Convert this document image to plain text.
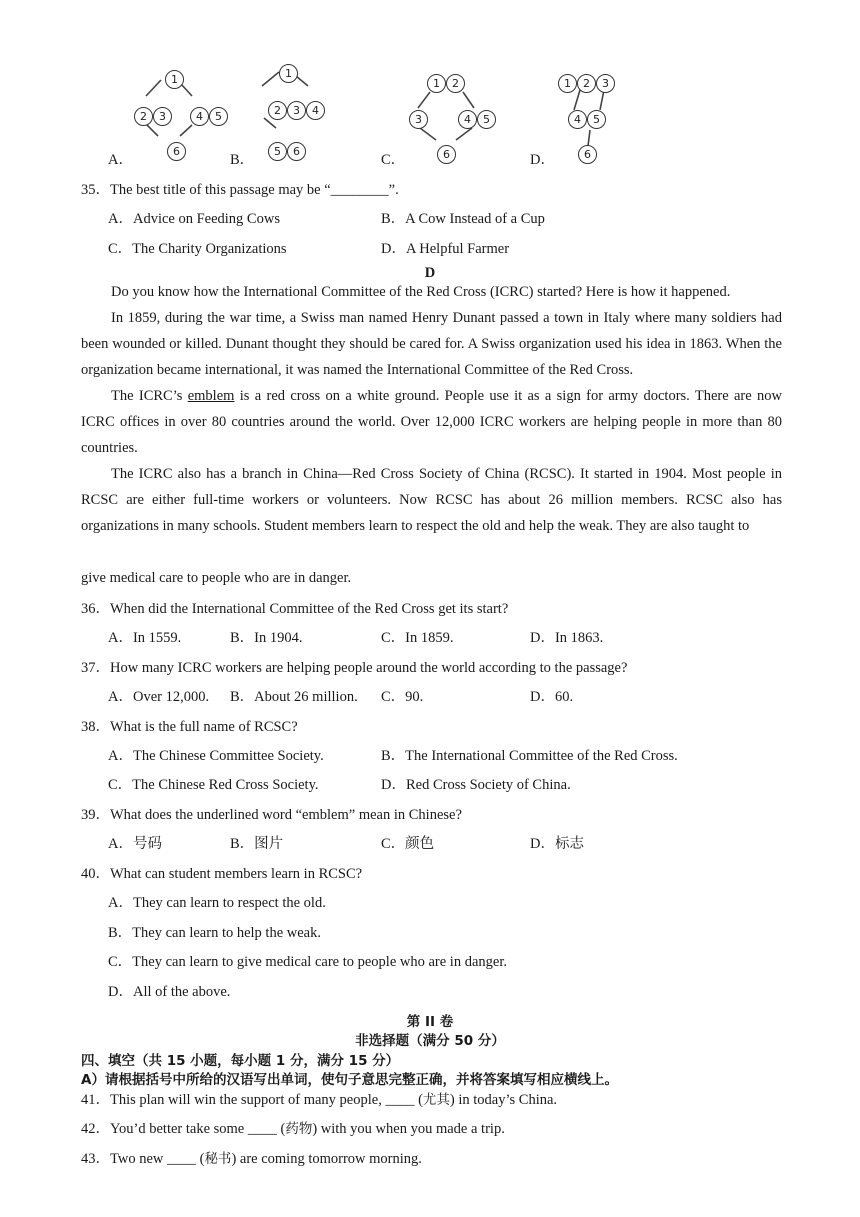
A．
1
2	3	4	5
6
B．
1
2	3	4
5	6
C．
1	2
3	4	5
6	D．
1	2	3
4	5
6
35．The best title of this passage may be “________”.
A．Advice on Feeding Cows	B．A Cow Instead of a Cup
C．The Charity Organizations	D．A Helpful Farmer
D
Do you know how the International Committee of the Red Cross (ICRC) started? Here is how it happened.
In 1859, during the war time, a Swiss man named Henry Dunant passed a town in Italy where many soldiers had been wounded or killed. Dunant thought they should be cared for. A Swiss organization used his idea in 1863. When the organization became international, it was named the International Committee of the Red Cross.
The ICRC’s emblem is a red cross on a white ground. People use it as a sign for army doctors. There are now ICRC offices in over 80 countries around the world. Over 12,000 ICRC workers are helping people in more than 80 countries.
The ICRC also has a branch in China—Red Cross Society of China (RCSC). It started in 1904. Most people in RCSC are either full-time workers or volunteers. Now RCSC has about 26 million members. RCSC also has organizations in many schools. Student members learn to respect the old and help the weak. They are also taught to
give medical care to people who are in danger.
36．When did the International Committee of the Red Cross get its start?
A．In 1559.	B．In 1904.	C．In 1859.	D．In 1863.
37．How many ICRC workers are helping people around the world according to the passage?
A．Over 12,000. B．About 26 million. C．90.	D．60.
38．What is the full name of RCSC?
A．The Chinese Committee Society.	B．The International Committee of the Red Cross.
C．The Chinese Red Cross Society.	D．Red Cross Society of China.
39．What does the underlined word “emblem” mean in Chinese?
A．号码	B．图片	C．颜色	D．标志
40．What can student members learn in RCSC?
A．They can learn to respect the old.
B．They can learn to help the weak.
C．They can learn to give medical care to people who are in danger.
D．All of the above.
第 II 卷
非选择题（满分 50 分）
四、填空（共 15 小题，每小题 1 分，满分 15 分）
A）请根据括号中所给的汉语写出单词，使句子意思完整正确，并将答案填写相应横线上。
41．This plan will win the support of many people, ____ (尤其) in today’s China.
42．You’d better take some ____ (药物) with you when you made a trip.
43．Two new ____ (秘书) are coming tomorrow morning.
